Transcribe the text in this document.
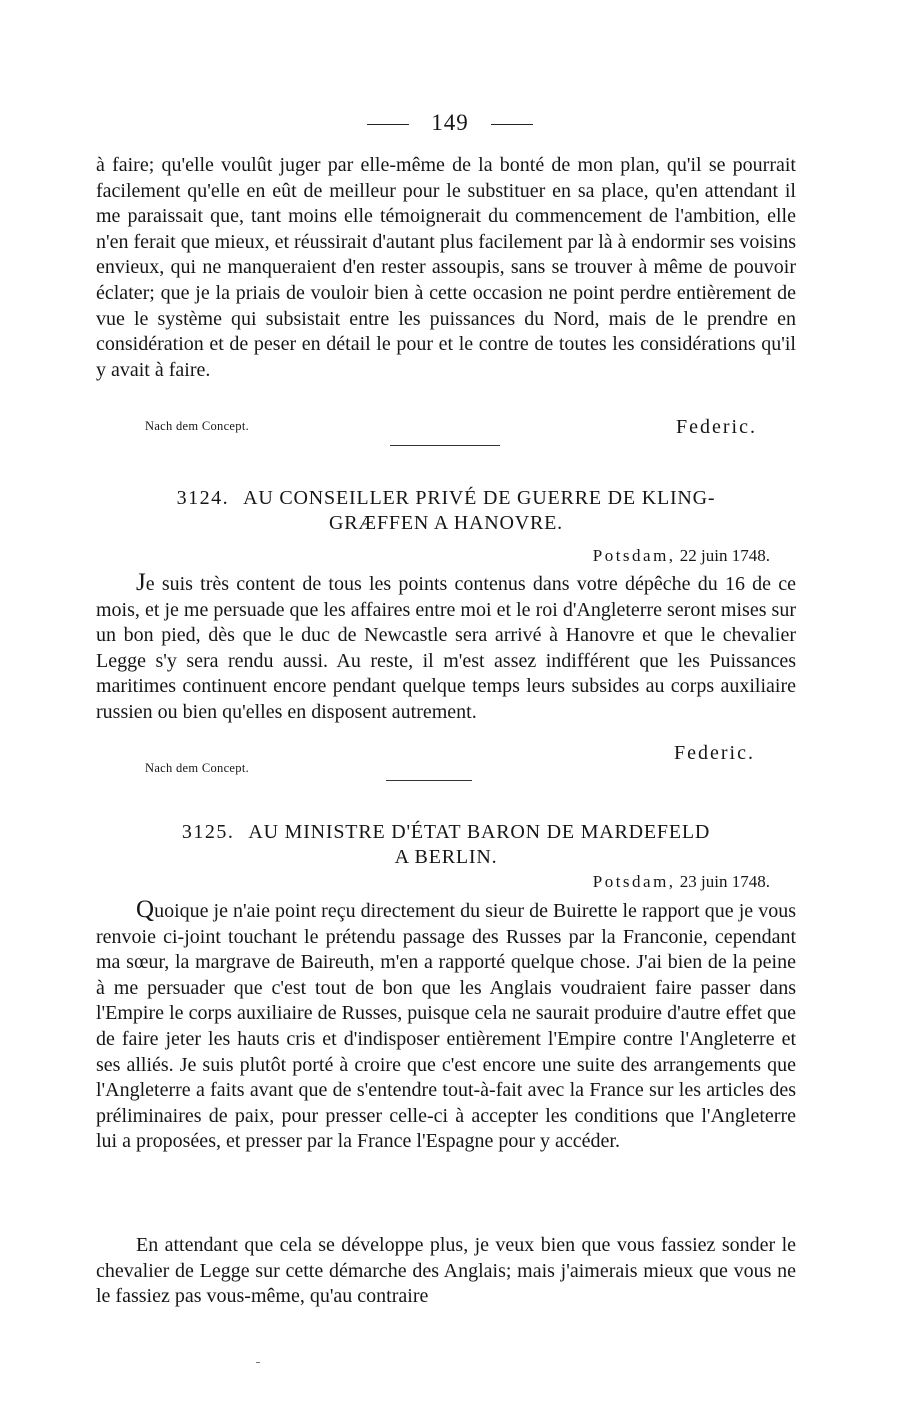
149

à faire; qu'elle voulût juger par elle-même de la bonté de mon plan, qu'il se pourrait facilement qu'elle en eût de meilleur pour le substituer en sa place, qu'en attendant il me paraissait que, tant moins elle témoignerait du commencement de l'ambition, elle n'en ferait que mieux, et réussirait d'autant plus facilement par là à endormir ses voisins envieux, qui ne manqueraient d'en rester assoupis, sans se trouver à même de pouvoir éclater; que je la priais de vouloir bien à cette occasion ne point perdre entièrement de vue le système qui subsistait entre les puissances du Nord, mais de le prendre en considération et de peser en détail le pour et le contre de toutes les considérations qu'il y avait à faire.

Nach dem Concept.	Federic.
3124. AU CONSEILLER PRIVÉ DE GUERRE DE KLING-
GRÆFFEN A HANOVRE.
Potsdam, 22 juin 1748.

Je suis très content de tous les points contenus dans votre dépêche du 16 de ce mois, et je me persuade que les affaires entre moi et le roi d'Angleterre seront mises sur un bon pied, dès que le duc de Newcastle sera arrivé à Hanovre et que le chevalier Legge s'y sera rendu aussi. Au reste, il m'est assez indifférent que les Puissances maritimes continuent encore pendant quelque temps leurs subsides au corps auxiliaire russien ou bien qu'elles en disposent autrement.

Federic.
Nach dem Concept.
3125. AU MINISTRE D'ÉTAT BARON DE MARDEFELD
A BERLIN.
Potsdam, 23 juin 1748.

Quoique je n'aie point reçu directement du sieur de Buirette le rapport que je vous renvoie ci-joint touchant le prétendu passage des Russes par la Franconie, cependant ma sœur, la margrave de Baireuth, m'en a rapporté quelque chose. J'ai bien de la peine à me persuader que c'est tout de bon que les Anglais voudraient faire passer dans l'Empire le corps auxiliaire de Russes, puisque cela ne saurait produire d'autre effet que de faire jeter les hauts cris et d'indisposer entièrement l'Empire contre l'Angleterre et ses alliés. Je suis plutôt porté à croire que c'est encore une suite des arrangements que l'Angleterre a faits avant que de s'entendre tout-à-fait avec la France sur les articles des préliminaires de paix, pour presser celle-ci à accepter les conditions que l'Angleterre lui a proposées, et presser par la France l'Espagne pour y accéder.

En attendant que cela se développe plus, je veux bien que vous fassiez sonder le chevalier de Legge sur cette démarche des Anglais; mais j'aimerais mieux que vous ne le fassiez pas vous-même, qu'au contraire
